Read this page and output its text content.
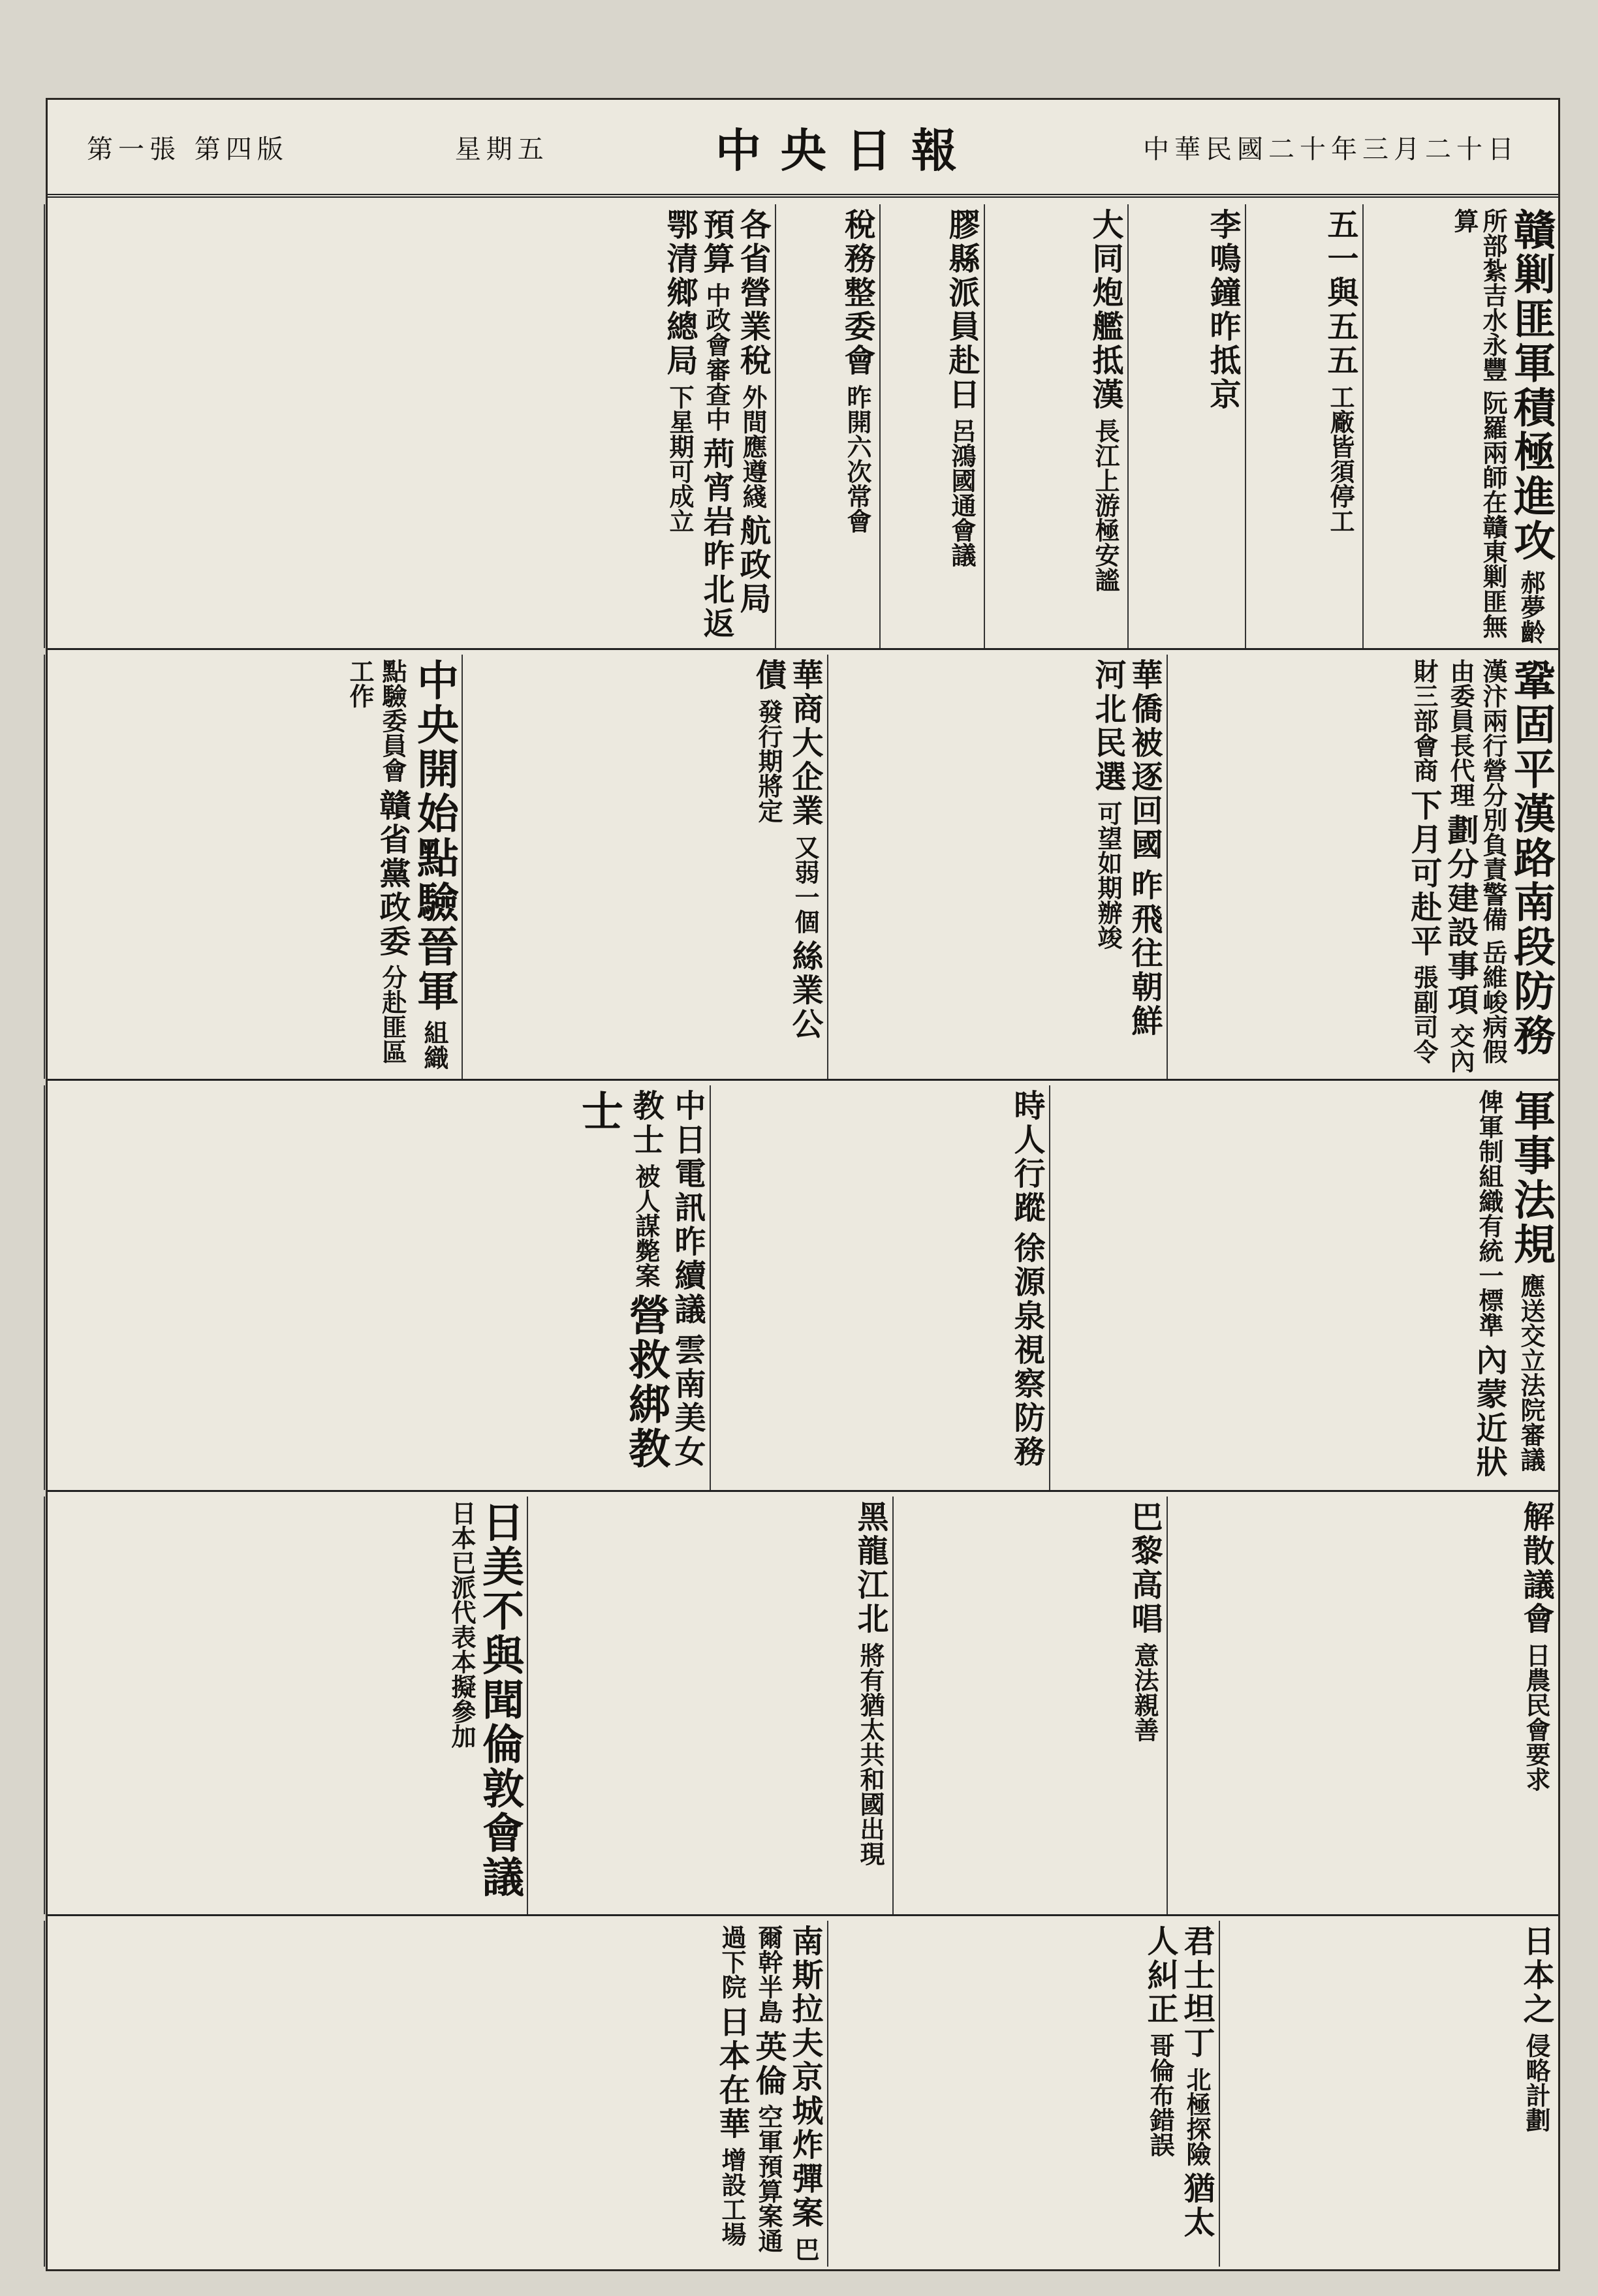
中華民國二十年三月二十日
中央日報
星期五
第一張 第四版
贛剿匪軍積極進攻 郝夢齡所部紮吉水永豐 阮羅兩師在贛東剿匪無算
五一與五五 工廠皆須停工
李鳴鐘昨抵京
大同炮艦抵漢 長江上游極安謐
膠縣派員赴日 呂鴻國通會議
稅務整委會 昨開六次常會
各省營業稅 外間應遵綫 航政局預算 中政會審查中 荊宵岩昨北返 鄂清鄉總局 下星期可成立
鞏固平漢路南段防務 漢汴兩行營分別負責警備 岳維峻病假由委員長代理 劃分建設事項 交內財三部會商 下月可赴平 張副司令
華僑被逐回國 昨飛往朝鮮 河北民選 可望如期辦竣
華商大企業 又弱一個 絲業公債 發行期將定
中央開始點驗晉軍 組織點驗委員會 贛省黨政委 分赴匪區工作
軍事法規 應送交立法院審議 俾軍制組織有統一標準 內蒙近狀
時人行蹤 徐源泉視察防務
中日電訊昨續議 雲南美女教士 被人謀斃案 營救綁教士
解散議會 日農民會要求
巴黎高唱 意法親善
黑龍江北 將有猶太共和國出現
日美不與聞倫敦會議 日本已派代表本擬參加
日本之 侵略計劃
君士坦丁 北極探險 猶太人糾正 哥倫布錯誤
南斯拉夫京城炸彈案 巴爾幹半島 英倫 空軍預算案通過下院 日本在華 增設工場
